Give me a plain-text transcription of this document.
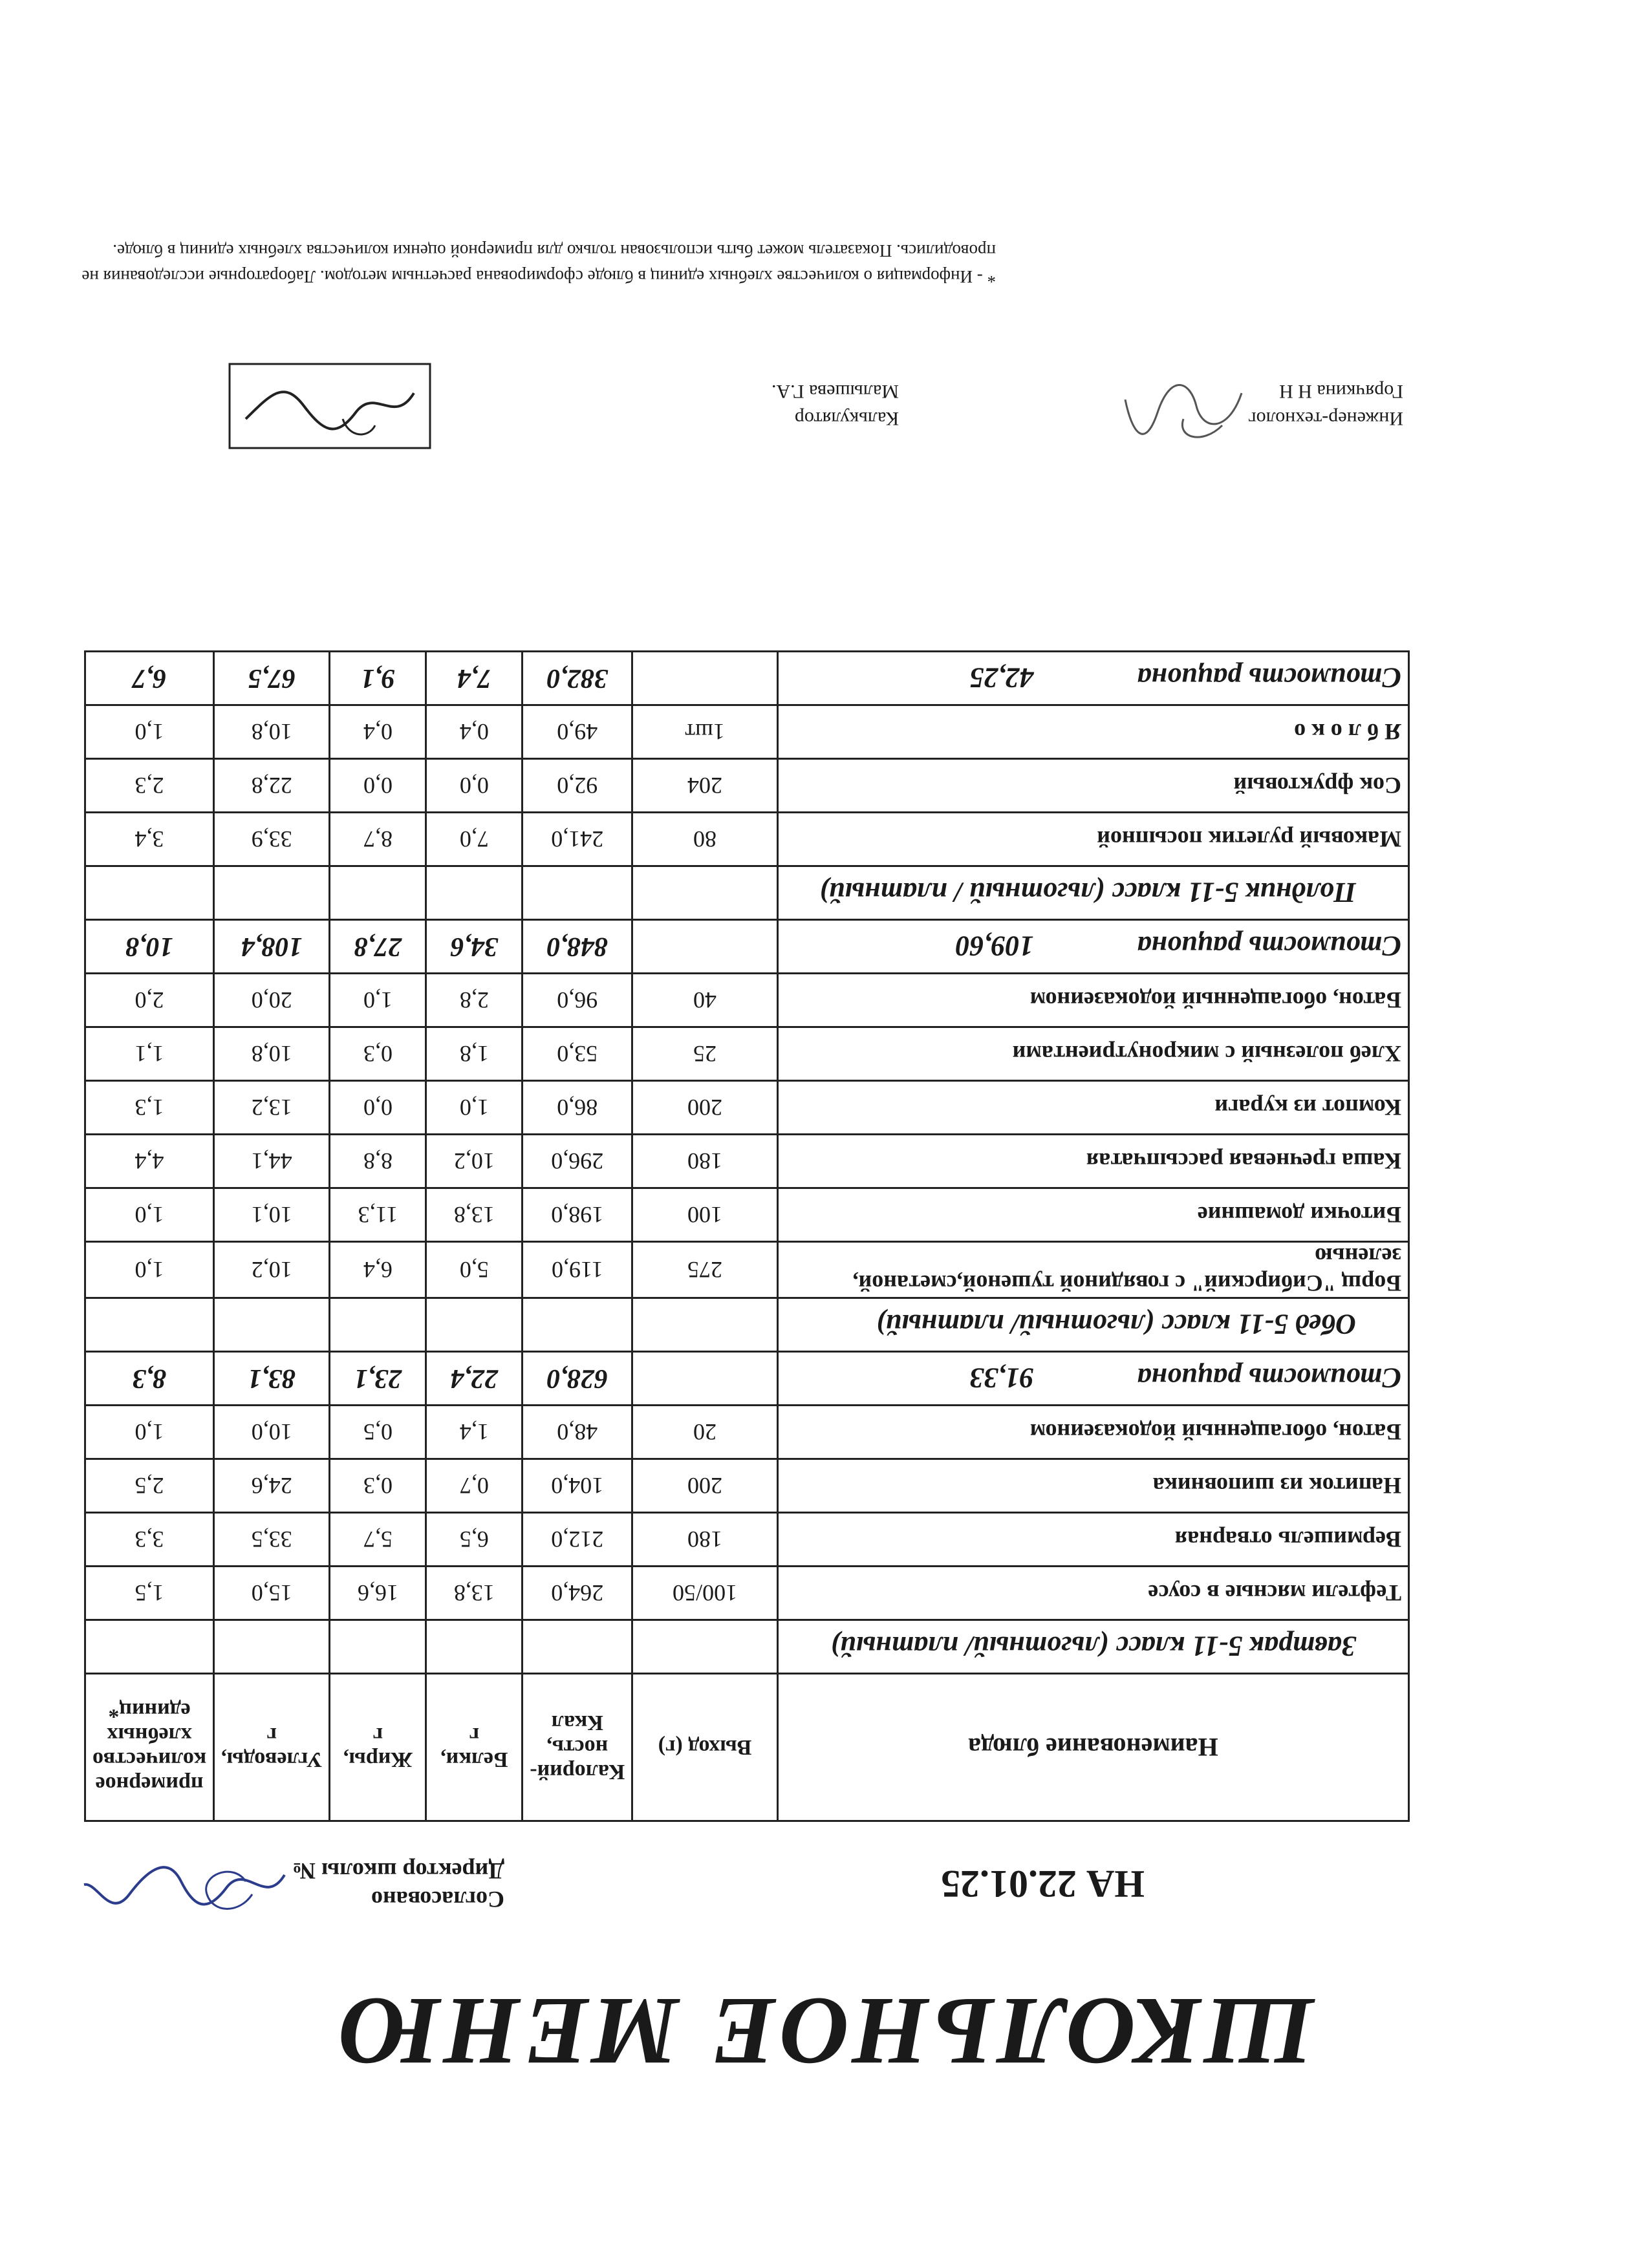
ШКОЛЬНОЕ МЕНЮ
НА 22.01.25
Согласовано
Директор школы №
Наименование блюда	Выход (г)	Калорий-ность, Ккал	Белки, г	Жиры, г	Углеводы, г	примерное количество хлебных единиц*
Завтрак 5-11 класс (льготный/ платный)						
Тефтели мясные в соусе	100/50	264,0	13,8	16,6	15,0	1,5
Вермишель отварная	180	212,0	6,5	5,7	33,5	3,3
Напиток из шиповника	200	104,0	0,7	0,3	24,6	2,5
Батон, обогащенный йодоказеином	20	48,0	1,4	0,5	10,0	1,0
Стоимость рациона91,33		628,0	22,4	23,1	83,1	8,3
Обед 5-11 класс (льготный/ платный)						
Борщ "Сибирский" с говядиной тушеной,сметаной, зеленью	275	119,0	5,0	6,4	10,2	1,0
Биточки домашние	100	198,0	13,8	11,3	10,1	1,0
Каша гречневая рассыпчатая	180	296,0	10,2	8,8	44,1	4,4
Компот из кураги	200	86,0	1,0	0,0	13,2	1,3
Хлеб полезный с микронутриентами	25	53,0	1,8	0,3	10,8	1,1
Батон, обогащенный йодоказеином	40	96,0	2,8	1,0	20,0	2,0
Стоимость рациона109,60		848,0	34,6	27,8	108,4	10,8
Полдник 5-11 класс (льготный / платный)						
Маковый рулетик посыпной	80	241,0	7,0	8,7	33,9	3,4
Сок фруктовый	204	92,0	0,0	0,0	22,8	2,3
Я б л о к о	1шт	49,0	0,4	0,4	10,8	1,0
Стоимость рациона42,25		382,0	7,4	9,1	67,5	6,7
Инженер-технолог
Калькулятор
Горячкина Н Н
Малышева Г.А.
* - Информация о количестве хлебных единиц в блюде сформирована расчетным методом. Лабораторные исследования не проводились. Показатель может быть использован только для примерной оценки количества хлебных единиц в блюде.
